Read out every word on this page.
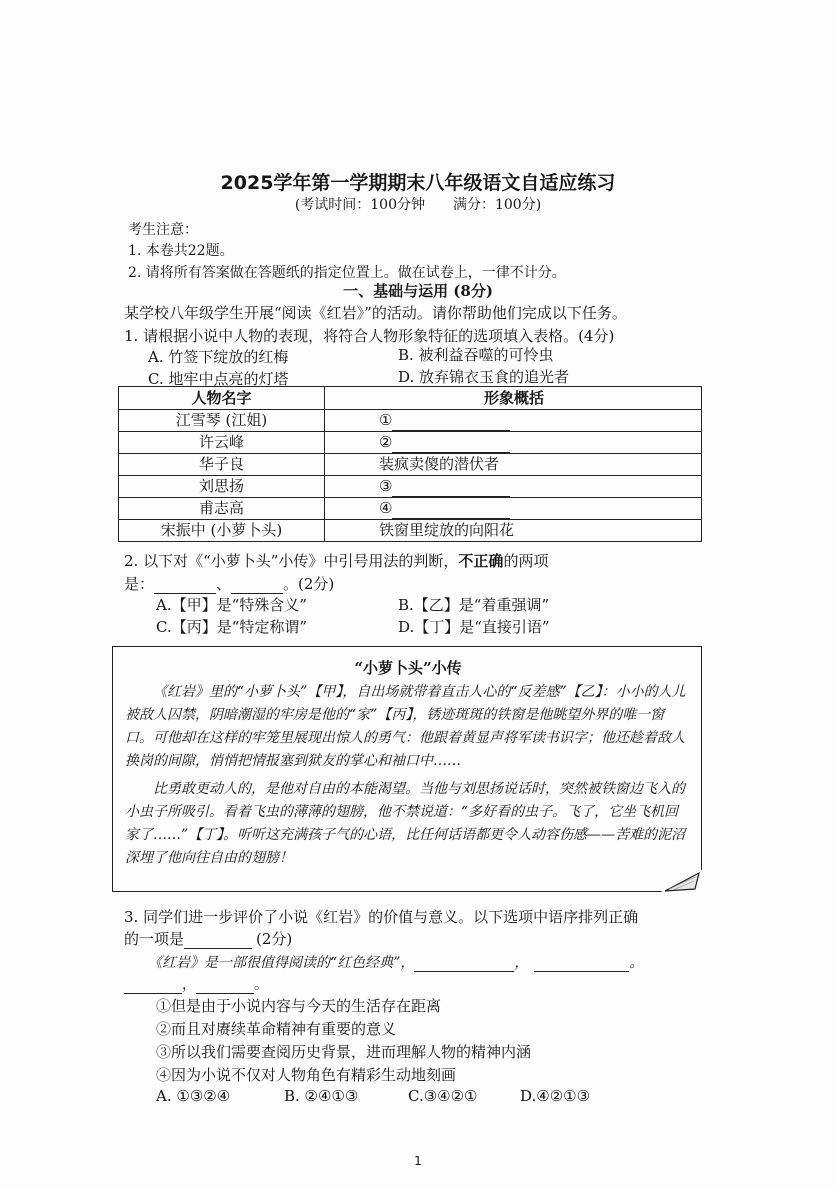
2025学年第一学期期末八年级语文自适应练习
(考试时间：100分钟　　满分：100分)
考生注意：
1. 本卷共22题。
2. 请将所有答案做在答题纸的指定位置上。做在试卷上，一律不计分。
一、基础与运用 (8分)
某学校八年级学生开展“阅读《红岩》”的活动。请你帮助他们完成以下任务。
1. 请根据小说中人物的表现，将符合人物形象特征的选项填入表格。(4分)
A. 竹签下绽放的红梅	B. 被利益吞噬的可怜虫
C. 地牢中点亮的灯塔	D. 放弃锦衣玉食的追光者
人物名字	形象概括
江雪琴 (江姐)	①
许云峰	②
华子良	装疯卖傻的潜伏者
刘思扬	③
甫志高	④
宋振中 (小萝卜头)	铁窗里绽放的向阳花
2. 以下对《“小萝卜头”小传》中引号用法的判断，不正确的两项
是：	、	。(2分)
A.【甲】是“特殊含义”	B.【乙】是“着重强调”
C.【丙】是“特定称谓”	D.【丁】是“直接引语”
“小萝卜头”小传

《红岩》里的“小萝卜头”【甲】，自出场就带着直击人心的“反差感”【乙】：小小的人儿被敌人囚禁，阴暗潮湿的牢房是他的“家”【丙】，锈迹斑斑的铁窗是他眺望外界的唯一窗口。可他却在这样的牢笼里展现出惊人的勇气：他跟着黄显声将军读书识字；他还趁着敌人换岗的间隙，悄悄把情报塞到狱友的掌心和袖口中……

比勇敢更动人的，是他对自由的本能渴望。当他与刘思扬说话时，突然被铁窗边飞入的小虫子所吸引。看着飞虫的薄薄的翅膀，他不禁说道：“多好看的虫子。飞了，它坐飞机回家了……”【丁】。听听这充满孩子气的心语，比任何话语都更令人动容伤感——苦难的泥沼深埋了他向往自由的翅膀！

3. 同学们进一步评价了小说《红岩》的价值与意义。以下选项中语序排列正确
的一项是	(2分)
《红岩》是一部很值得阅读的“红色经典”，	，	。
，	。
①但是由于小说内容与今天的生活存在距离
②而且对赓续革命精神有重要的意义
③所以我们需要查阅历史背景，进而理解人物的精神内涵
④因为小说不仅对人物角色有精彩生动地刻画
A. ①③②④	B. ②④①③	C.③④②①	D.④②①③
1
